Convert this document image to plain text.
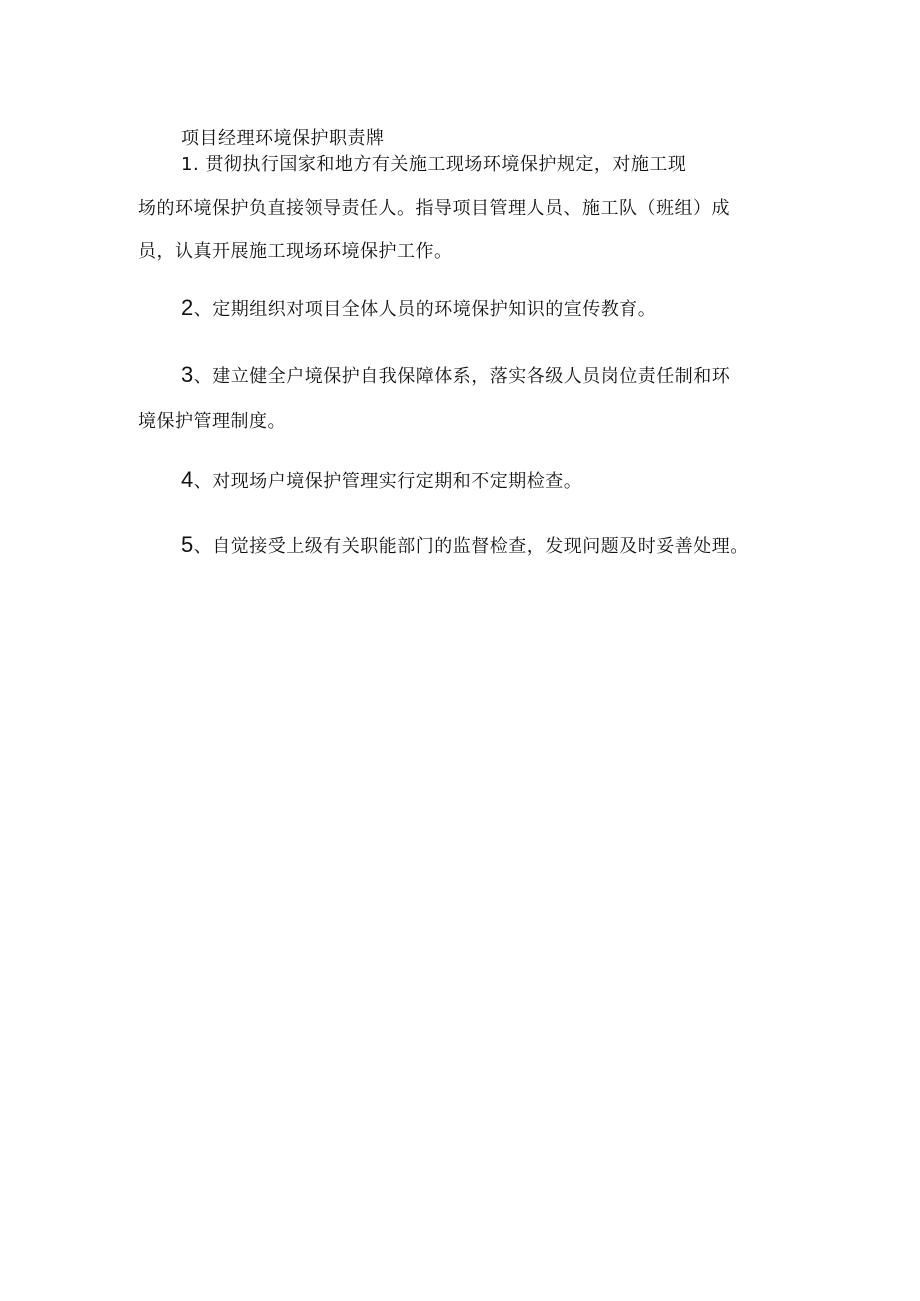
项目经理环境保护职责牌
1. 贯彻执行国家和地方有关施工现场环境保护规定，对施工现
场的环境保护负直接领导责任人。指导项目管理人员、施工队（班组）成
员，认真开展施工现场环境保护工作。
2、定期组织对项目全体人员的环境保护知识的宣传教育。
3、建立健全户境保护自我保障体系，落实各级人员岗位责任制和环
境保护管理制度。
4、对现场户境保护管理实行定期和不定期检查。
5、自觉接受上级有关职能部门的监督检查，发现问题及时妥善处理。
